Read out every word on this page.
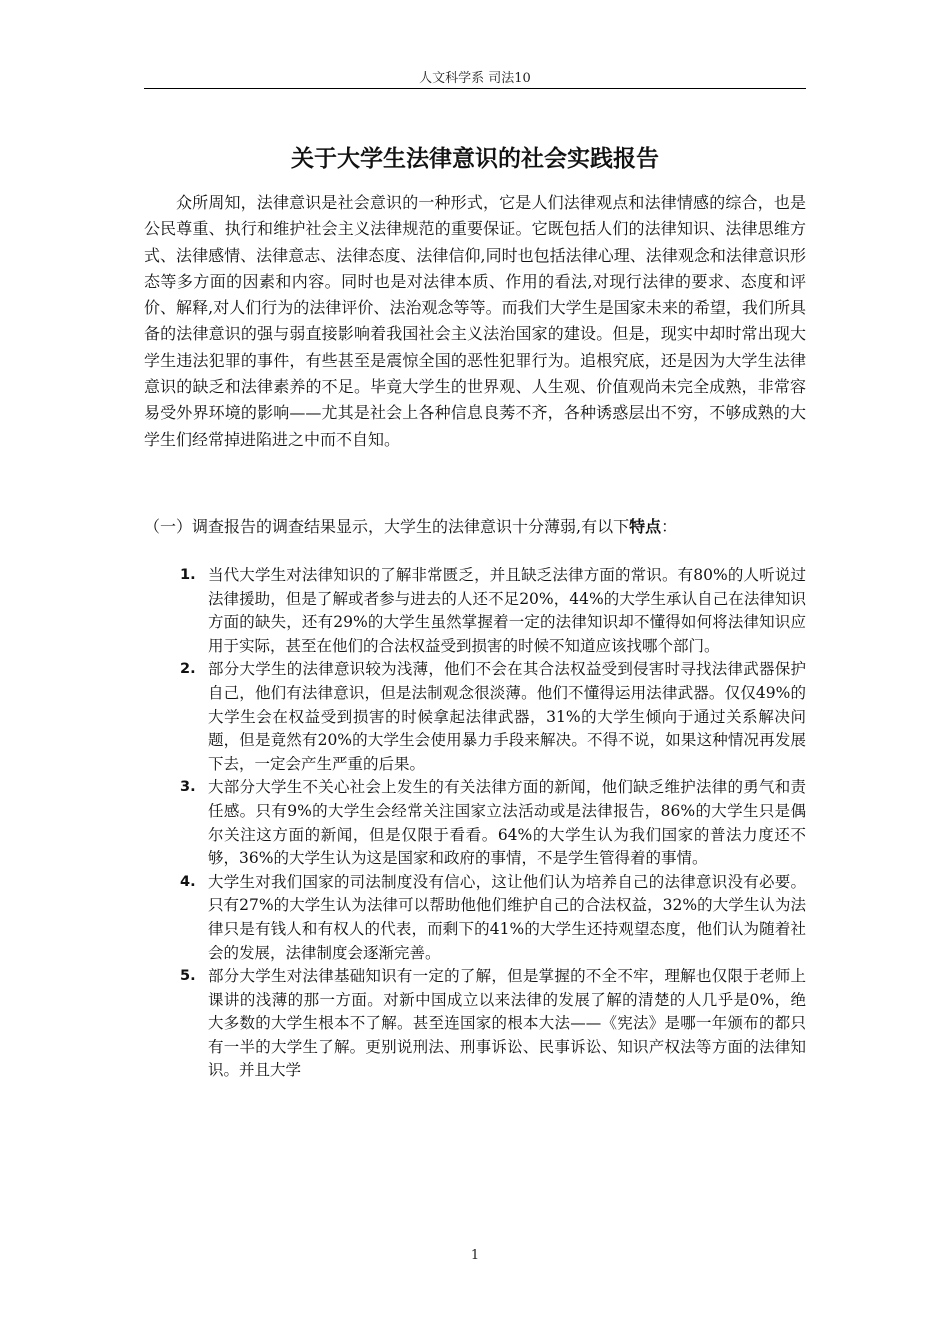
人文科学系 司法10
关于大学生法律意识的社会实践报告

众所周知，法律意识是社会意识的一种形式，它是人们法律观点和法律情感的综合，也是公民尊重、执行和维护社会主义法律规范的重要保证。它既包括人们的法律知识、法律思维方式、法律感情、法律意志、法律态度、法律信仰,同时也包括法律心理、法律观念和法律意识形态等多方面的因素和内容。同时也是对法律本质、作用的看法,对现行法律的要求、态度和评价、解释,对人们行为的法律评价、法治观念等等。而我们大学生是国家未来的希望，我们所具备的法律意识的强与弱直接影响着我国社会主义法治国家的建设。但是，现实中却时常出现大学生违法犯罪的事件，有些甚至是震惊全国的恶性犯罪行为。追根究底，还是因为大学生法律意识的缺乏和法律素养的不足。毕竟大学生的世界观、人生观、价值观尚未完全成熟，非常容易受外界环境的影响——尤其是社会上各种信息良莠不齐，各种诱惑层出不穷，不够成熟的大学生们经常掉进陷进之中而不自知。

（一）调查报告的调查结果显示，大学生的法律意识十分薄弱,有以下特点：

1. 当代大学生对法律知识的了解非常匮乏，并且缺乏法律方面的常识。有80%的人听说过法律援助，但是了解或者参与进去的人还不足20%，44%的大学生承认自己在法律知识方面的缺失，还有29%的大学生虽然掌握着一定的法律知识却不懂得如何将法律知识应用于实际，甚至在他们的合法权益受到损害的时候不知道应该找哪个部门。
2. 部分大学生的法律意识较为浅薄，他们不会在其合法权益受到侵害时寻找法律武器保护自己，他们有法律意识，但是法制观念很淡薄。他们不懂得运用法律武器。仅仅49%的大学生会在权益受到损害的时候拿起法律武器，31%的大学生倾向于通过关系解决问题，但是竟然有20%的大学生会使用暴力手段来解决。不得不说，如果这种情况再发展下去，一定会产生严重的后果。
3. 大部分大学生不关心社会上发生的有关法律方面的新闻，他们缺乏维护法律的勇气和责任感。只有9%的大学生会经常关注国家立法活动或是法律报告，86%的大学生只是偶尔关注这方面的新闻，但是仅限于看看。64%的大学生认为我们国家的普法力度还不够，36%的大学生认为这是国家和政府的事情，不是学生管得着的事情。
4. 大学生对我们国家的司法制度没有信心，这让他们认为培养自己的法律意识没有必要。只有27%的大学生认为法律可以帮助他他们维护自己的合法权益，32%的大学生认为法律只是有钱人和有权人的代表，而剩下的41%的大学生还持观望态度，他们认为随着社会的发展，法律制度会逐渐完善。
5. 部分大学生对法律基础知识有一定的了解，但是掌握的不全不牢，理解也仅限于老师上课讲的浅薄的那一方面。对新中国成立以来法律的发展了解的清楚的人几乎是0%，绝大多数的大学生根本不了解。甚至连国家的根本大法——《宪法》是哪一年颁布的都只有一半的大学生了解。更别说刑法、刑事诉讼、民事诉讼、知识产权法等方面的法律知识。并且大学
1
